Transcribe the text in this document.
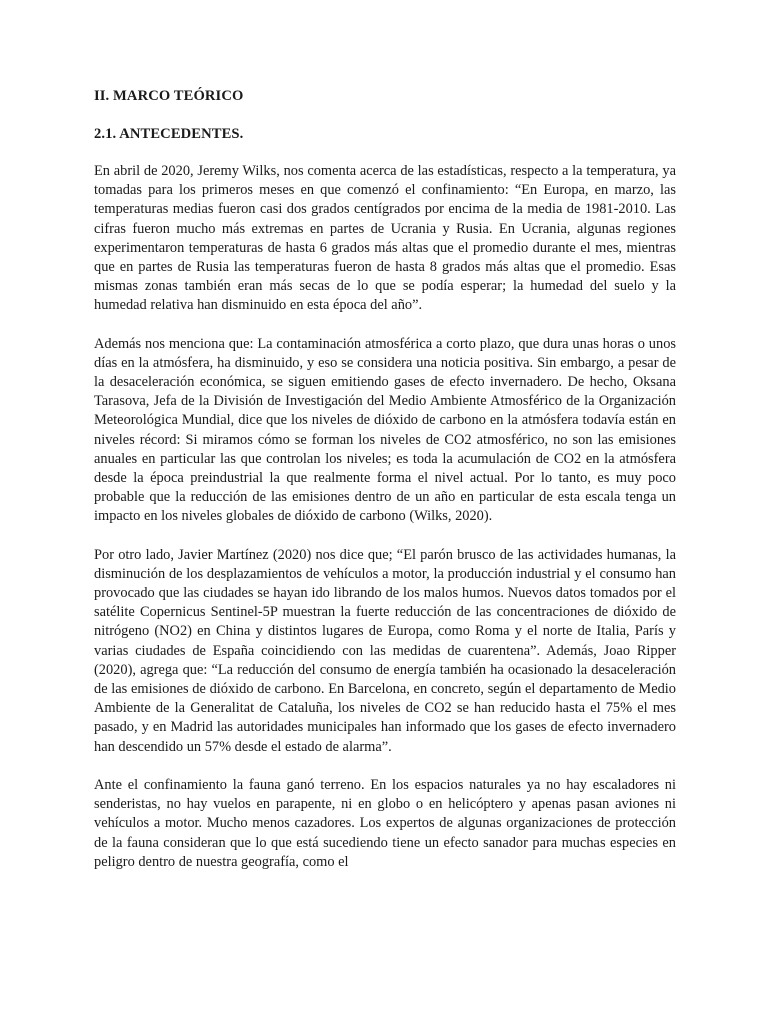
II. MARCO TEÓRICO

2.1. ANTECEDENTES.

En abril de 2020, Jeremy Wilks, nos comenta acerca de las estadísticas, respecto a la temperatura, ya tomadas para los primeros meses en que comenzó el confinamiento: “En Europa, en marzo, las temperaturas medias fueron casi dos grados centígrados por encima de la media de 1981-2010. Las cifras fueron mucho más extremas en partes de Ucrania y Rusia. En Ucrania, algunas regiones experimentaron temperaturas de hasta 6 grados más altas que el promedio durante el mes, mientras que en partes de Rusia las temperaturas fueron de hasta 8 grados más altas que el promedio. Esas mismas zonas también eran más secas de lo que se podía esperar; la humedad del suelo y la humedad relativa han disminuido en esta época del año”.

Además nos menciona que: La contaminación atmosférica a corto plazo, que dura unas horas o unos días en la atmósfera, ha disminuido, y eso se considera una noticia positiva. Sin embargo, a pesar de la desaceleración económica, se siguen emitiendo gases de efecto invernadero. De hecho, Oksana Tarasova, Jefa de la División de Investigación del Medio Ambiente Atmosférico de la Organización Meteorológica Mundial, dice que los niveles de dióxido de carbono en la atmósfera todavía están en niveles récord: Si miramos cómo se forman los niveles de CO2 atmosférico, no son las emisiones anuales en particular las que controlan los niveles; es toda la acumulación de CO2 en la atmósfera desde la época preindustrial la que realmente forma el nivel actual. Por lo tanto, es muy poco probable que la reducción de las emisiones dentro de un año en particular de esta escala tenga un impacto en los niveles globales de dióxido de carbono (Wilks, 2020).

Por otro lado, Javier Martínez (2020) nos dice que; “El parón brusco de las actividades humanas, la disminución de los desplazamientos de vehículos a motor, la producción industrial y el consumo han provocado que las ciudades se hayan ido librando de los malos humos. Nuevos datos tomados por el satélite Copernicus Sentinel-5P muestran la fuerte reducción de las concentraciones de dióxido de nitrógeno (NO2) en China y distintos lugares de Europa, como Roma y el norte de Italia, París y varias ciudades de España coincidiendo con las medidas de cuarentena”. Además, Joao Ripper (2020), agrega que: “La reducción del consumo de energía también ha ocasionado la desaceleración de las emisiones de dióxido de carbono. En Barcelona, en concreto, según el departamento de Medio Ambiente de la Generalitat de Cataluña, los niveles de CO2 se han reducido hasta el 75% el mes pasado, y en Madrid las autoridades municipales han informado que los gases de efecto invernadero han descendido un 57% desde el estado de alarma”.

Ante el confinamiento la fauna ganó terreno. En los espacios naturales ya no hay escaladores ni senderistas, no hay vuelos en parapente, ni en globo o en helicóptero y apenas pasan aviones ni vehículos a motor. Mucho menos cazadores. Los expertos de algunas organizaciones de protección de la fauna consideran que lo que está sucediendo tiene un efecto sanador para muchas especies en peligro dentro de nuestra geografía, como el
